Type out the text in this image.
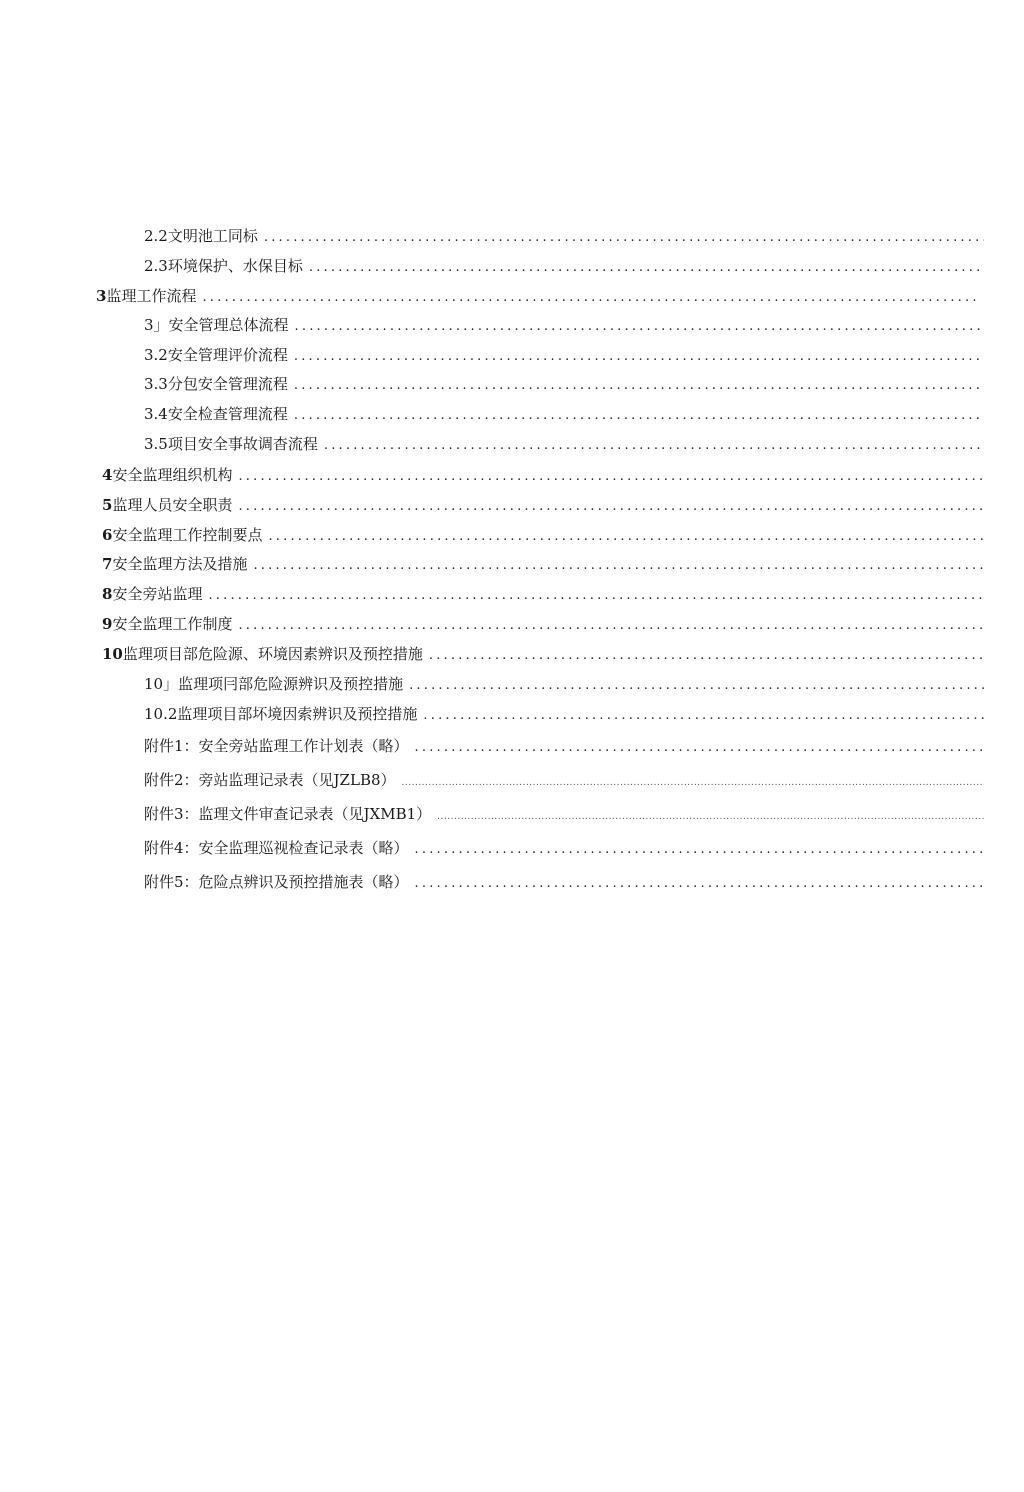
2.2文明池工同标
.....
2.3环境保护、水保目标
.....
3 监理工作流程
.....
3」安全管理总体流程
.....
3.2安全管理评价流程
.....
3.3分包安全管理流程
.....
3.4安全检查管理流程
.....
3.5项目安全事故调杳流程
.....
4 安全监理组织机构
.....
5 监理人员安全职责
.....
6 安全监理工作控制要点
.....
7 安全监理方法及措施
.....
8 安全旁站监理
.....
9 安全监理工作制度
.....
10 监理项目部危险源、环境因素辨识及预控措施
.....
10」监理项冃部危险源辨识及预控措施
.....
10.2监理项目部坏境因索辨识及预控措施
.....
附件1：安全旁站监理工作计划表（略）
.....
附件2：旁站监理记录表（见JZLB8）
.....
附件3：监理文件审查记录表（见JXMB1）
.....
附件4：安全监理巡视检查记录表（略）
.....
附件5：危险点辨识及预控措施表（略）
.....
